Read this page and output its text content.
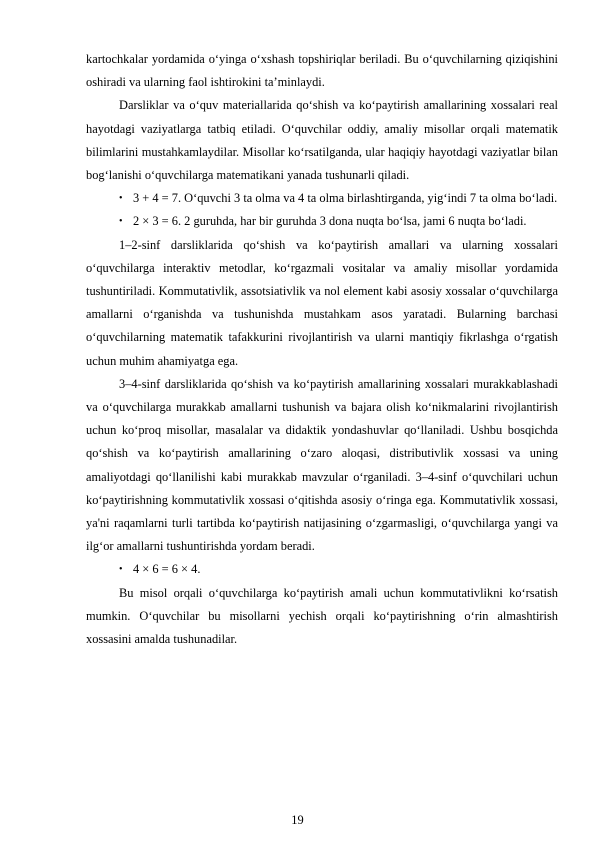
kartochkalar yordamida o‘yinga o‘xshash topshiriqlar beriladi. Bu o‘quvchilarning qiziqishini oshiradi va ularning faol ishtirokini ta’minlaydi.

Darsliklar va o‘quv materiallarida qo‘shish va ko‘paytirish amallarining xossalari real hayotdagi vaziyatlarga tatbiq etiladi. O‘quvchilar oddiy, amaliy misollar orqali matematik bilimlarini mustahkamlaydilar. Misollar ko‘rsatilganda, ular haqiqiy hayotdagi vaziyatlar bilan bog‘lanishi o‘quvchilarga matematikani yanada tushunarli qiladi.

• 3 + 4 = 7. O‘quvchi 3 ta olma va 4 ta olma birlashtirganda, yig‘indi 7 ta olma bo‘ladi.

• 2 × 3 = 6. 2 guruhda, har bir guruhda 3 dona nuqta bo‘lsa, jami 6 nuqta bo‘ladi.

1–2-sinf darsliklarida qo‘shish va ko‘paytirish amallari va ularning xossalari o‘quvchilarga interaktiv metodlar, ko‘rgazmali vositalar va amaliy misollar yordamida tushuntiriladi. Kommutativlik, assotsiativlik va nol element kabi asosiy xossalar o‘quvchilarga amallarni o‘rganishda va tushunishda mustahkam asos yaratadi. Bularning barchasi o‘quvchilarning matematik tafakkurini rivojlantirish va ularni mantiqiy fikrlashga o‘rgatish uchun muhim ahamiyatga ega.

3–4-sinf darsliklarida qo‘shish va ko‘paytirish amallarining xossalari murakkablashadi va o‘quvchilarga murakkab amallarni tushunish va bajara olish ko‘nikmalarini rivojlantirish uchun ko‘proq misollar, masalalar va didaktik yondashuvlar qo‘llaniladi. Ushbu bosqichda qo‘shish va ko‘paytirish amallarining o‘zaro aloqasi, distributivlik xossasi va uning amaliyotdagi qo‘llanilishi kabi murakkab mavzular o‘rganiladi. 3–4-sinf o‘quvchilari uchun ko‘paytirishning kommutativlik xossasi o‘qitishda asosiy o‘ringa ega. Kommutativlik xossasi, ya'ni raqamlarni turli tartibda ko‘paytirish natijasining o‘zgarmasligi, o‘quvchilarga yangi va ilg‘or amallarni tushuntirishda yordam beradi.

• 4 × 6 = 6 × 4.

Bu misol orqali o‘quvchilarga ko‘paytirish amali uchun kommutativlikni ko‘rsatish mumkin. O‘quvchilar bu misollarni yechish orqali ko‘paytirishning o‘rin almashtirish xossasini amalda tushunadilar.

19
